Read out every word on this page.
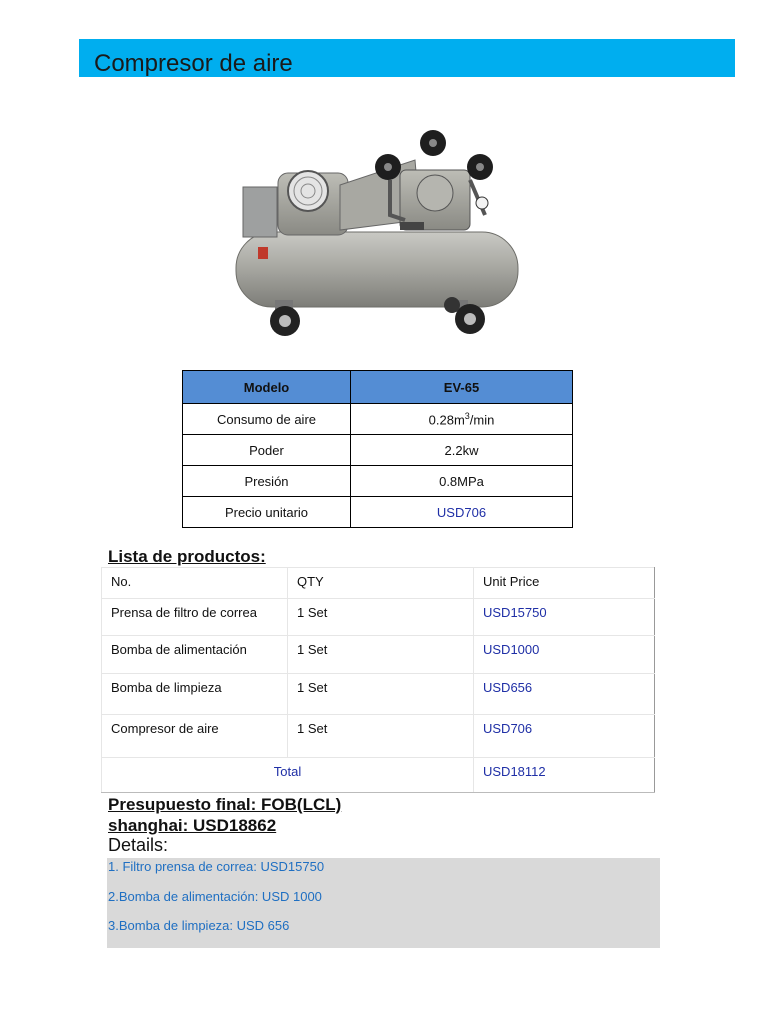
Compresor de aire
Modelo	EV-65
Consumo de aire	$0.28m^3/\min$
Poder	2.2kw
Presión	0.8MPa
Precio unitario	USD706
Lista de productos:
No.	QTY	Unit Price
Prensa de filtro de correa	1 Set	USD15750
Bomba de alimentación	1 Set	USD1000
Bomba de limpieza	1 Set	USD656
Compresor de aire	1 Set	USD706
Total		USD18112
Presupuesto final: FOB(LCL)
shanghai: USD18862
Details:
1. Filtro prensa de correa: USD15750
2.Bomba de alimentación: USD 1000
3.Bomba de limpieza: USD 656
